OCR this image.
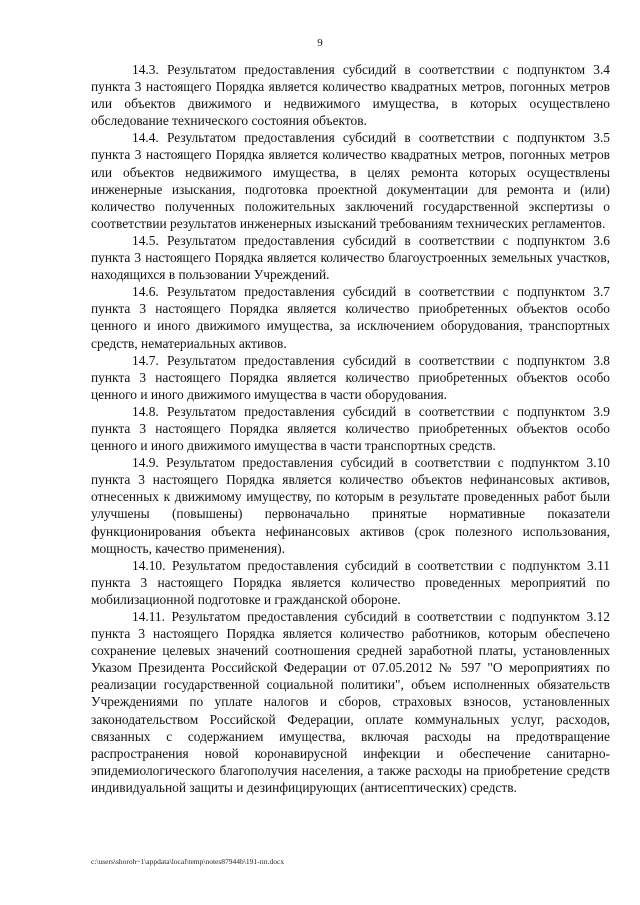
9

14.3. Результатом предоставления субсидий в соответствии с подпунктом 3.4 пункта 3 настоящего Порядка является количество квадратных метров, погонных метров или объектов движимого и недвижимого имущества, в которых осуществлено обследование технического состояния объектов.

14.4. Результатом предоставления субсидий в соответствии с подпунктом 3.5 пункта 3 настоящего Порядка является количество квадратных метров, погонных метров или объектов недвижимого имущества, в целях ремонта которых осуществлены инженерные изыскания, подготовка проектной документации для ремонта и (или) количество полученных положительных заключений государственной экспертизы о соответствии результатов инженерных изысканий требованиям технических регламентов.

14.5. Результатом предоставления субсидий в соответствии с подпунктом 3.6 пункта 3 настоящего Порядка является количество благоустроенных земельных участков, находящихся в пользовании Учреждений.

14.6. Результатом предоставления субсидий в соответствии с подпунктом 3.7 пункта 3 настоящего Порядка является количество приобретенных объектов особо ценного и иного движимого имущества, за исключением оборудования, транспортных средств, нематериальных активов.

14.7. Результатом предоставления субсидий в соответствии с подпунктом 3.8 пункта 3 настоящего Порядка является количество приобретенных объектов особо ценного и иного движимого имущества в части оборудования.

14.8. Результатом предоставления субсидий в соответствии с подпунктом 3.9 пункта 3 настоящего Порядка является количество приобретенных объектов особо ценного и иного движимого имущества в части транспортных средств.

14.9. Результатом предоставления субсидий в соответствии с подпунктом 3.10 пункта 3 настоящего Порядка является количество объектов нефинансовых активов, отнесенных к движимому имуществу, по которым в результате проведенных работ были улучшены (повышены) первоначально принятые нормативные показатели функционирования объекта нефинансовых активов (срок полезного использования, мощность, качество применения).

14.10. Результатом предоставления субсидий в соответствии с подпунктом 3.11 пункта 3 настоящего Порядка является количество проведенных мероприятий по мобилизационной подготовке и гражданской обороне.

14.11. Результатом предоставления субсидий в соответствии с подпунктом 3.12 пункта 3 настоящего Порядка является количество работников, которым обеспечено сохранение целевых значений соотношения средней заработной платы, установленных Указом Президента Российской Федерации от 07.05.2012 № 597 "О мероприятиях по реализации государственной социальной политики", объем исполненных обязательств Учреждениями по уплате налогов и сборов, страховых взносов, установленных законодательством Российской Федерации, оплате коммунальных услуг, расходов, связанных с содержанием имущества, включая расходы на предотвращение распространения новой коронавирусной инфекции и обеспечение санитарно-эпидемиологического благополучия населения, а также расходы на приобретение средств индивидуальной защиты и дезинфицирующих (антисептических) средств.

c:\users\shoroh~1\appdata\local\temp\notes87944b\191-пп.docx
